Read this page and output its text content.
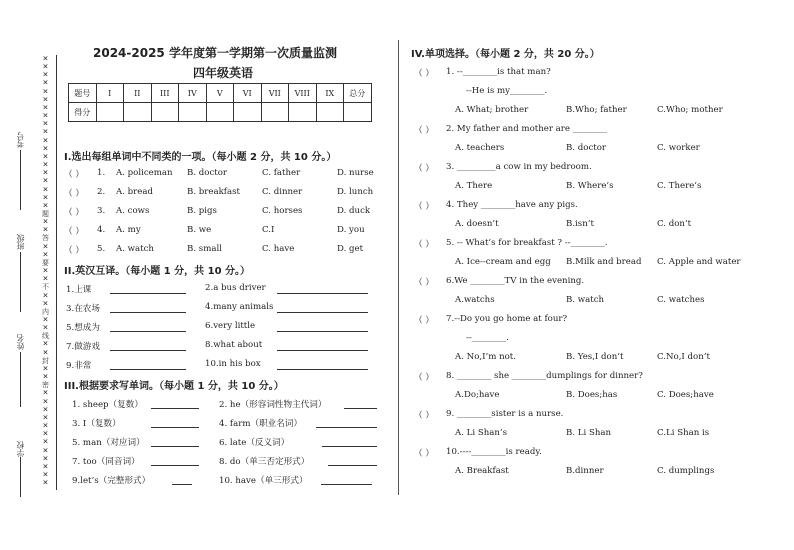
×
×
×
×
×
×
×
×
×
×
×
×
×
×
×
×
×
×
×
题
×
×
答
×
×
要
×
×
不
×
×
内
×
×
线
×
×
封
×
×
密
×
×
×
×
×
×
×
×
×
×
×
×
考号
班级
姓名
学校
2024-2025 学年度第一学期第一次质量监测
四年级英语
题号	I	II	III	IV	V	VI	VII	VIII	IX	总分
得分										
I.选出每组单词中不同类的一项。（每小题 2 分，共 10 分。）
（ ） 1. A. policeman B. doctor	C. father	D. nurse
（ ） 2. A. bread	B. breakfast	C. dinner	D. lunch
（ ） 3. A. cows	B. pigs	C. horses	D. duck
（ ） 4. A. my	B. we	C.I	D. you
（ ） 5. A. watch	B. small	C. have	D. get
II.英汉互译。（每小题 1 分，共 10 分。）
1.上课	2.a bus driver
3.在农场	4.many animals
5.想成为	6.very little
7.做游戏	8.what about
9.非常	10.in his box
III.根据要求写单词。（每小题 1 分，共 10 分。）
1. sheep（复数）	2. he（形容词性物主代词）
3. I（复数）	4. farm（职业名词）
5. man（对应词）	6. late（反义词）
7. too（同音词）	8. do（单三否定形式）
9.let’s（完整形式）	10. have（单三形式）
IV.单项选择。（每小题 2 分，共 20 分。）
（ ） 1. --________is that man?
--He is my________.
A. What; brother	B.Who; father	C.Who; mother
（ ） 2. My father and mother are ________
A. teachers	B. doctor	C. worker
（ ） 3. _________a cow in my bedroom.
A. There	B. Where’s	C. There’s
（ ） 4. They ________have any pigs.
A. doesn’t	B.isn’t	C. don’t
（ ） 5. -- What’s for breakfast ? --________.
A. Ice--cream and egg B.Milk and bread C. Apple and water
（ ） 6.We ________TV in the evening.
A.watchs	B. watch	C. watches
（ ） 7.--Do you go home at four?
--________.
A. No,I’m not.	B. Yes,I don’t	C.No,I don’t
（ ） 8. ________ she ________dumplings for dinner?
A.Do;have	B. Does;has	C. Does;have
（ ） 9. ________sister is a nurse.
A. Li Shan’s	B. Li Shan	C.Li Shan is
（ ） 10.----________is ready.
A. Breakfast	B.dinner	C. dumplings
